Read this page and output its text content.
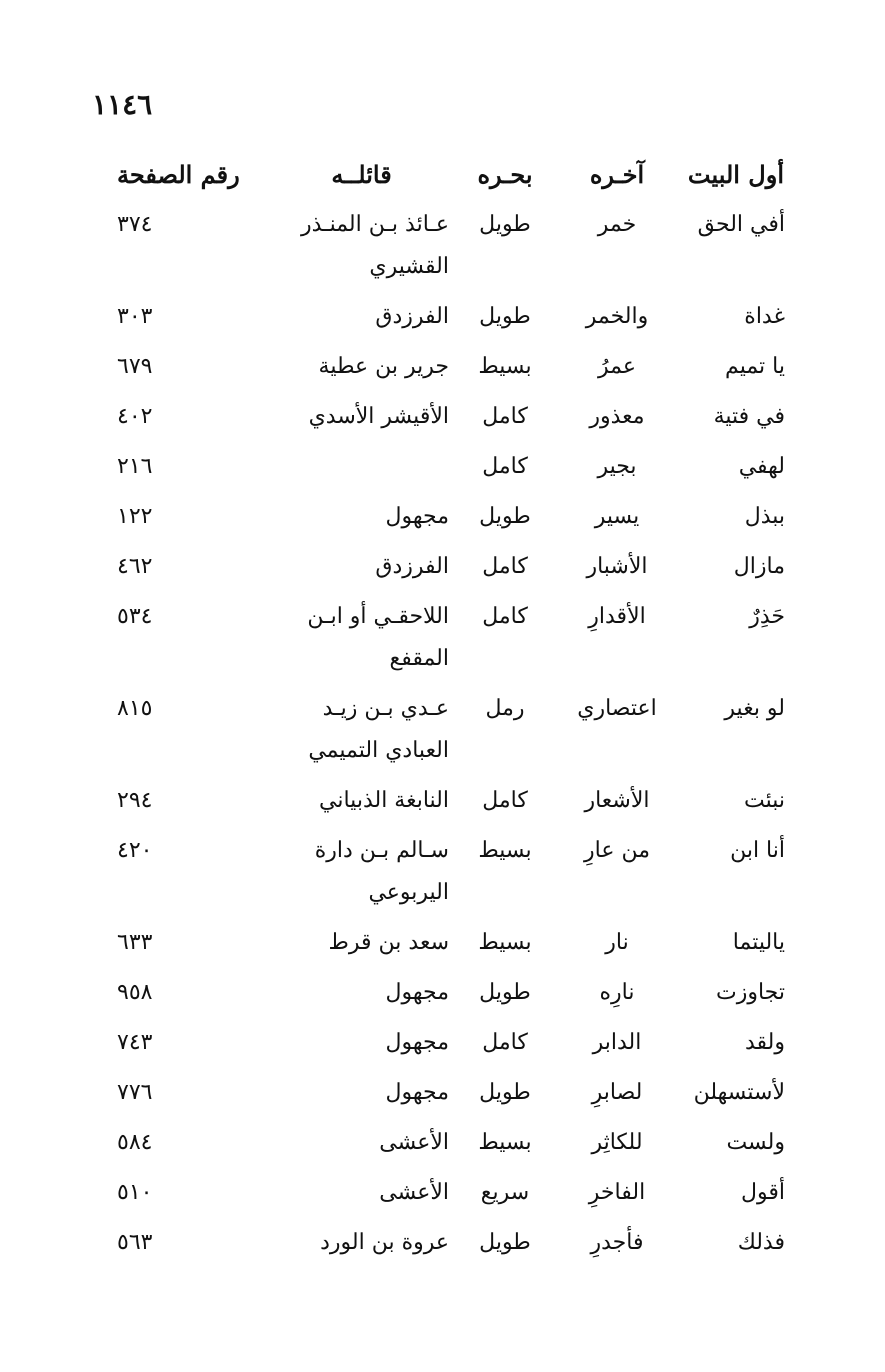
١١٤٦
أول البيت	آخـره	بحـره	قائلــه	رقم الصفحة
أفي الحق	خمر	طويل	عـائذ بـن المنـذر القشيري	٣٧٤
غداة	والخمر	طويل	الفرزدق	٣٠٣
يا تميم	عمرُ	بسيط	جرير بن عطية	٦٧٩
في فتية	معذور	كامل	الأقيشر الأسدي	٤٠٢
لهفي	بجير	كامل		٢١٦
ببذل	يسير	طويل	مجهول	١٢٢
مازال	الأشبار	كامل	الفرزدق	٤٦٢
حَذِرٌ	الأقدارِ	كامل	اللاحقـي أو ابـن المقفع	٥٣٤
لو بغير	اعتصاري	رمل	عـدي بـن زيـد العبادي التميمي	٨١٥
نبئت	الأشعار	كامل	النابغة الذبياني	٢٩٤
أنا ابن	من عارِ	بسيط	سـالم بـن دارة اليربوعي	٤٢٠
ياليتما	نار	بسيط	سعد بن قرط	٦٣٣
تجاوزت	نارِه	طويل	مجهول	٩٥٨
ولقد	الدابر	كامل	مجهول	٧٤٣
لأستسهلن	لصابرِ	طويل	مجهول	٧٧٦
ولست	للكاثِر	بسيط	الأعشى	٥٨٤
أقول	الفاخرِ	سريع	الأعشى	٥١٠
فذلك	فأجدرِ	طويل	عروة بن الورد	٥٦٣
